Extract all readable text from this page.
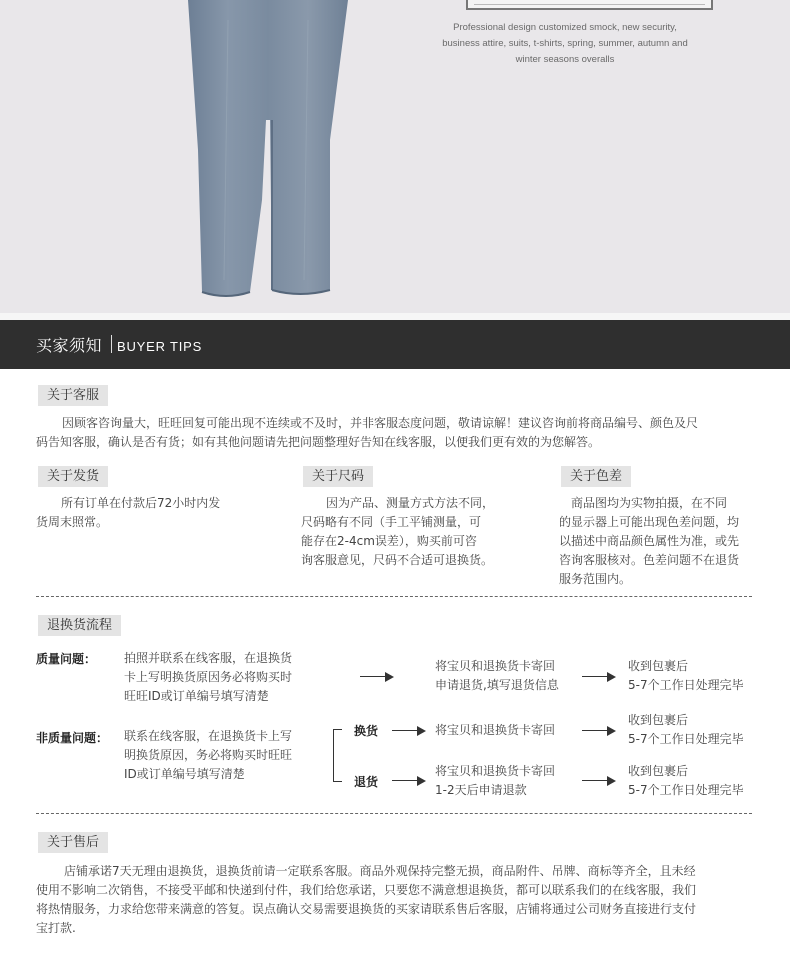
Professional design customized smock, new security,
business attire, suits, t-shirts, spring, summer, autumn and
winter seasons overalls
买家须知 BUYER TIPS
关于客服
因顾客咨询量大，旺旺回复可能出现不连续或不及时，并非客服态度问题，敬请谅解！建议咨询前将商品编号、颜色及尺
码告知客服，确认是否有货；如有其他问题请先把问题整理好告知在线客服，以便我们更有效的为您解答。
关于发货
所有订单在付款后72小时内发
货周末照常。
关于尺码
因为产品、测量方式方法不同，
尺码略有不同（手工平铺测量，可
能存在2-4cm误差），购买前可咨
询客服意见，尺码不合适可退换货。
关于色差
商品图均为实物拍摄，在不同
的显示器上可能出现色差问题，均
以描述中商品颜色属性为准，或先
咨询客服核对。色差问题不在退货
服务范围内。
退换货流程
质量问题： 拍照并联系在线客服，在退换货
卡上写明换货原因务必将购买时
旺旺ID或订单编号填写清楚
将宝贝和退换货卡寄回
申请退货,填写退货信息
收到包裹后
5-7个工作日处理完毕
非质量问题： 联系在线客服，在退换货卡上写
明换货原因，务必将购买时旺旺
ID或订单编号填写清楚
换货	将宝贝和退换货卡寄回
收到包裹后
5-7个工作日处理完毕
退货
将宝贝和退换货卡寄回
1-2天后申请退款
收到包裹后
5-7个工作日处理完毕
关于售后
店铺承诺7天无理由退换货，退换货前请一定联系客服。商品外观保持完整无损，商品附件、吊牌、商标等齐全，且未经
使用不影响二次销售，不接受平邮和快递到付件，我们给您承诺，只要您不满意想退换货，都可以联系我们的在线客服，我们
将热情服务，力求给您带来满意的答复。误点确认交易需要退换货的买家请联系售后客服，店铺将通过公司财务直接进行支付
宝打款.
